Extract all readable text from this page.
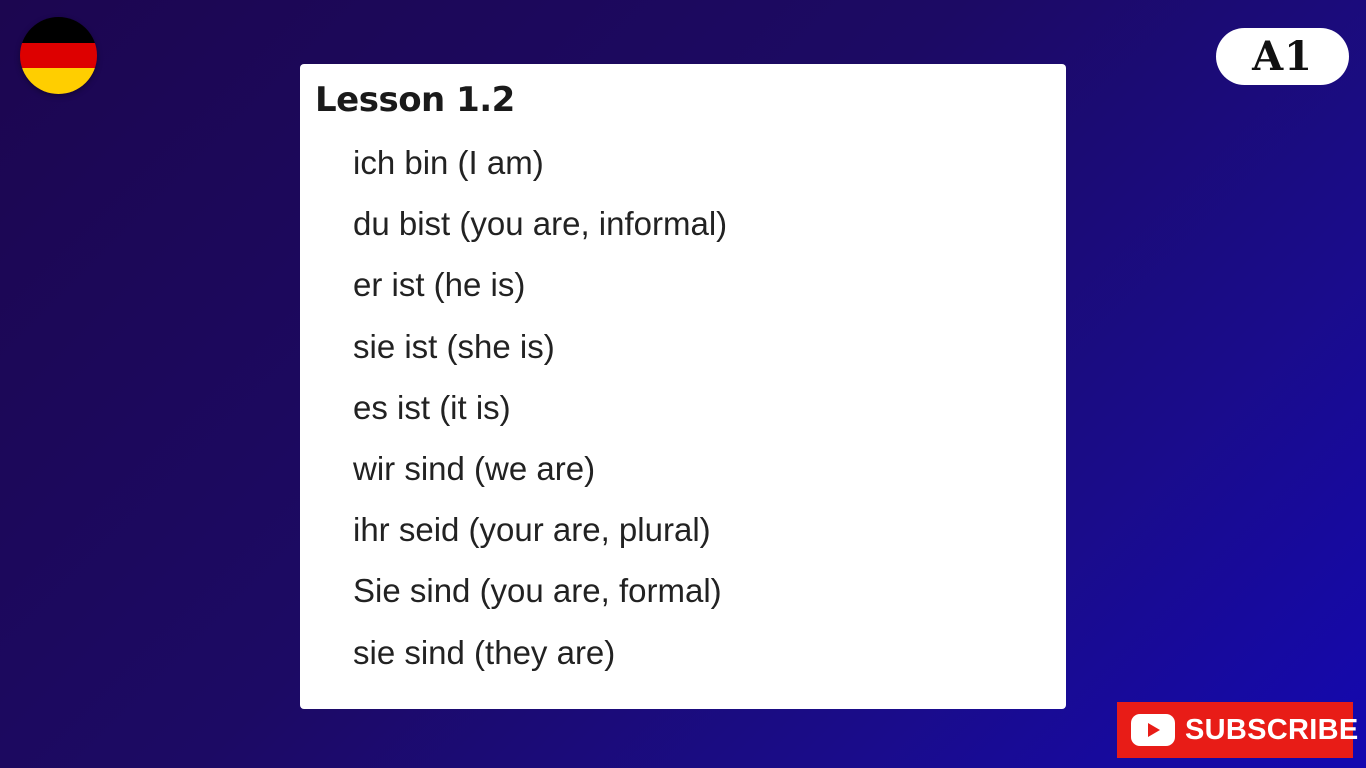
A1
Lesson 1.2
ich bin (I am)
du bist (you are, informal)
er ist (he is)
sie ist (she is)
es ist (it is)
wir sind (we are)
ihr seid (your are, plural)
Sie sind (you are, formal)
sie sind (they are)
SUBSCRIBE
